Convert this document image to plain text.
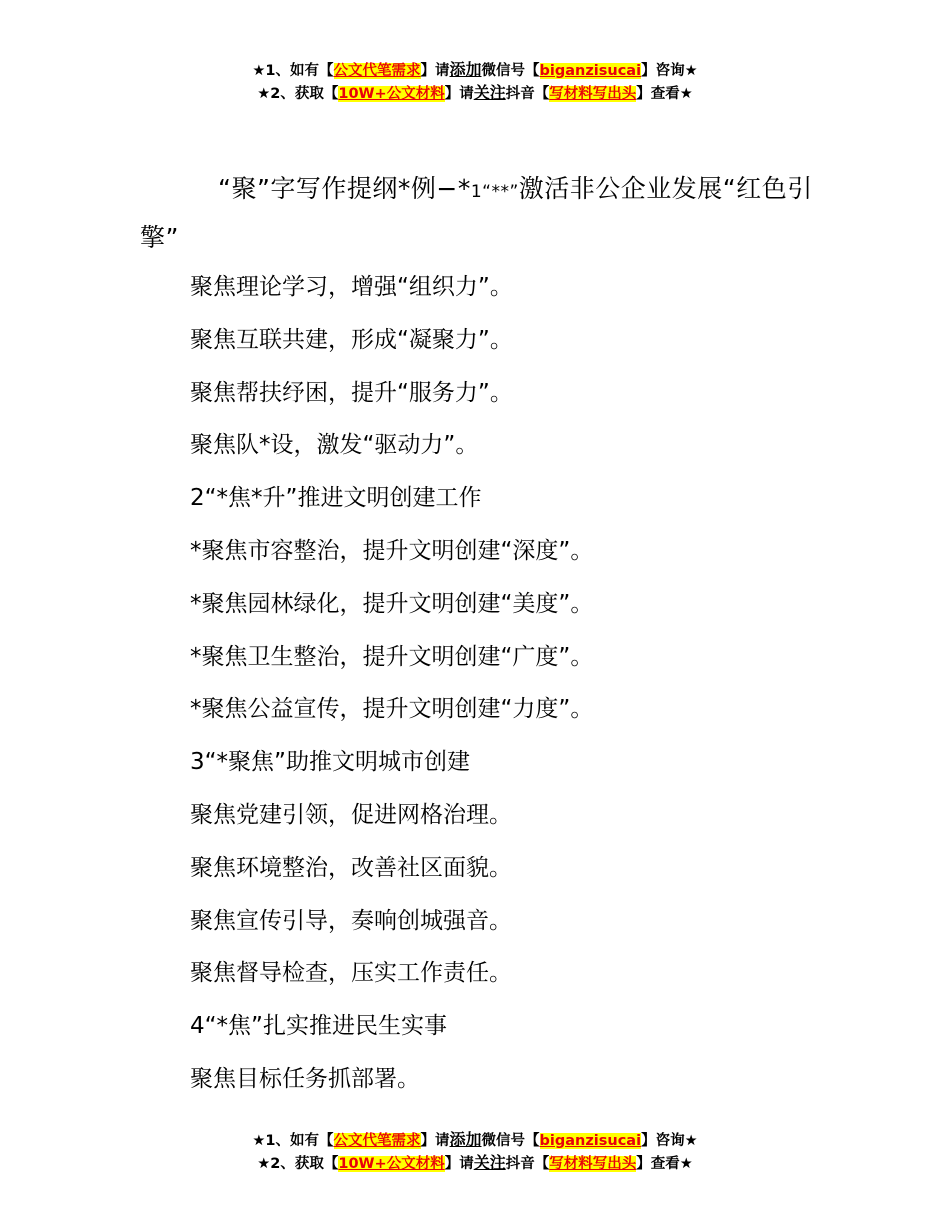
★1、如有【公文代笔需求】请添加微信号【biganzisucai】咨询★
★2、获取【10W+公文材料】请关注抖音【写材料写出头】查看★
“聚”字写作提纲*例−*1“**”激活非公企业发展“红色引擎”
聚焦理论学习，增强“组织力”。
聚焦互联共建，形成“凝聚力”。
聚焦帮扶纾困，提升“服务力”。
聚焦队*设，激发“驱动力”。
2“*焦*升”推进文明创建工作
*聚焦市容整治，提升文明创建“深度”。
*聚焦园林绿化，提升文明创建“美度”。
*聚焦卫生整治，提升文明创建“广度”。
*聚焦公益宣传，提升文明创建“力度”。
3“*聚焦”助推文明城市创建
聚焦党建引领，促进网格治理。
聚焦环境整治，改善社区面貌。
聚焦宣传引导，奏响创城强音。
聚焦督导检查，压实工作责任。
4“*焦”扎实推进民生实事
聚焦目标任务抓部署。
★1、如有【公文代笔需求】请添加微信号【biganzisucai】咨询★
★2、获取【10W+公文材料】请关注抖音【写材料写出头】查看★
